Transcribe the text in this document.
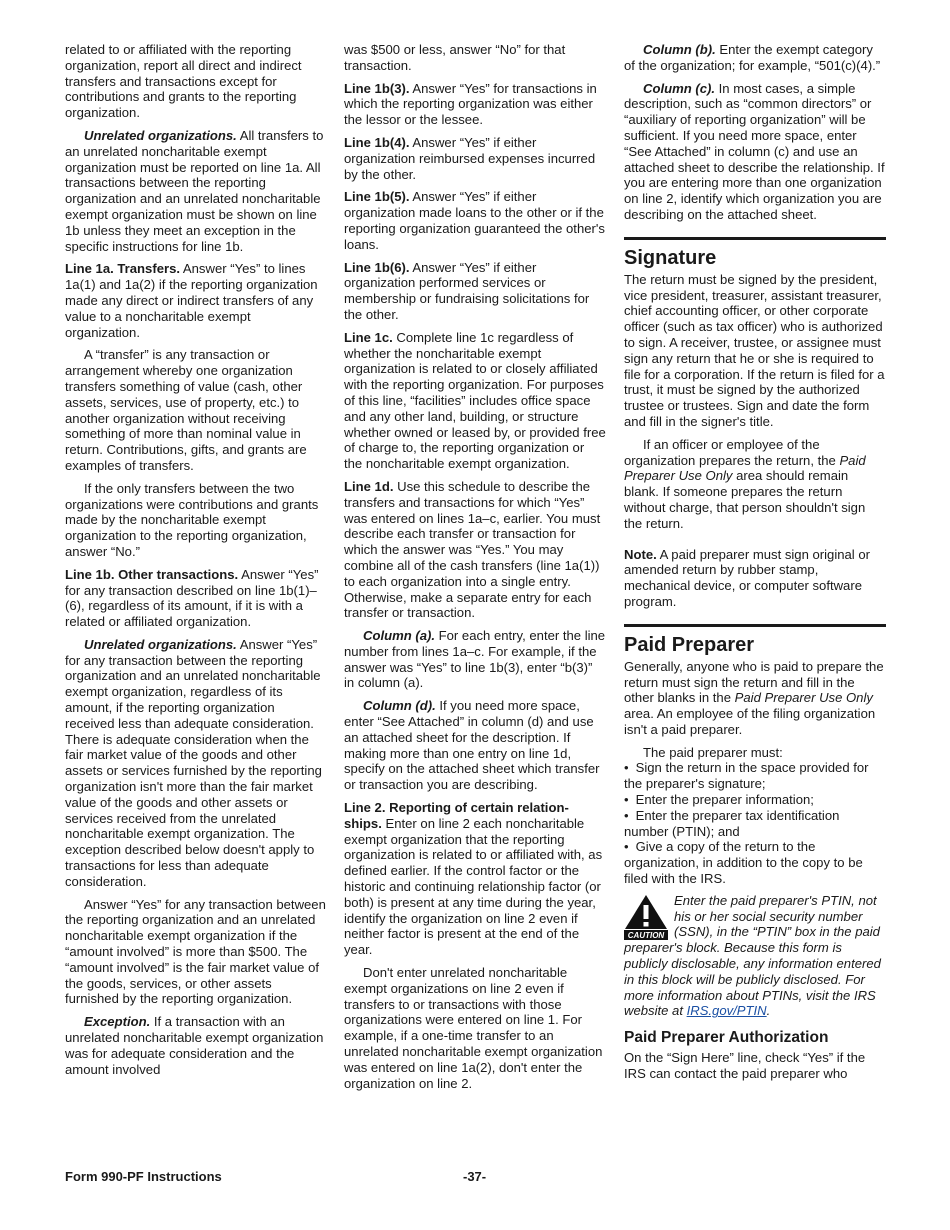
related to or affiliated with the reporting organization, report all direct and indirect transfers and transactions except for contributions and grants to the reporting organization.

Unrelated organizations. All transfers to an unrelated noncharitable exempt organization must be reported on line 1a. All transactions between the reporting organization and an unrelated noncharitable exempt organization must be shown on line 1b unless they meet an exception in the specific instructions for line 1b.

Line 1a. Transfers. Answer “Yes” to lines 1a(1) and 1a(2) if the reporting organization made any direct or indirect transfers of any value to a noncharitable exempt organization.

A “transfer” is any transaction or arrangement whereby one organization transfers something of value (cash, other assets, services, use of property, etc.) to another organization without receiving something of more than nominal value in return. Contributions, gifts, and grants are examples of transfers.

If the only transfers between the two organizations were contributions and grants made by the noncharitable exempt organization to the reporting organization, answer “No.”

Line 1b. Other transactions. Answer “Yes” for any transaction described on line 1b(1)–(6), regardless of its amount, if it is with a related or affiliated organization.

Unrelated organizations. Answer “Yes” for any transaction between the reporting organization and an unrelated noncharitable exempt organization, regardless of its amount, if the reporting organization received less than adequate consideration. There is adequate consideration when the fair market value of the goods and other assets or services furnished by the reporting organization isn't more than the fair market value of the goods and other assets or services received from the unrelated noncharitable exempt organization. The exception described below doesn't apply to transactions for less than adequate consideration.

Answer “Yes” for any transaction between the reporting organization and an unrelated noncharitable exempt organization if the “amount involved” is more than $500. The “amount involved” is the fair market value of the goods, services, or other assets furnished by the reporting organization.

Exception. If a transaction with an unrelated noncharitable exempt organization was for adequate consideration and the amount involved

was $500 or less, answer “No” for that transaction.

Line 1b(3). Answer “Yes” for transactions in which the reporting organization was either the lessor or the lessee.

Line 1b(4). Answer “Yes” if either organization reimbursed expenses incurred by the other.

Line 1b(5). Answer “Yes” if either organization made loans to the other or if the reporting organization guaranteed the other's loans.

Line 1b(6). Answer “Yes” if either organization performed services or membership or fundraising solicitations for the other.

Line 1c. Complete line 1c regardless of whether the noncharitable exempt organization is related to or closely affiliated with the reporting organization. For purposes of this line, “facilities” includes office space and any other land, building, or structure whether owned or leased by, or provided free of charge to, the reporting organization or the noncharitable exempt organization.

Line 1d. Use this schedule to describe the transfers and transactions for which “Yes” was entered on lines 1a–c, earlier. You must describe each transfer or transaction for which the answer was “Yes.” You may combine all of the cash transfers (line 1a(1)) to each organization into a single entry. Otherwise, make a separate entry for each transfer or transaction.

Column (a). For each entry, enter the line number from lines 1a–c. For example, if the answer was “Yes” to line 1b(3), enter “b(3)” in column (a).

Column (d). If you need more space, enter “See Attached” in column (d) and use an attached sheet for the description. If making more than one entry on line 1d, specify on the attached sheet which transfer or transaction you are describing.

Line 2. Reporting of certain relation-ships. Enter on line 2 each noncharitable exempt organization that the reporting organization is related to or affiliated with, as defined earlier. If the control factor or the historic and continuing relationship factor (or both) is present at any time during the year, identify the organization on line 2 even if neither factor is present at the end of the year.

Don't enter unrelated noncharitable exempt organizations on line 2 even if transfers to or transactions with those organizations were entered on line 1. For example, if a one-time transfer to an unrelated noncharitable exempt organization was entered on line 1a(2), don't enter the organization on line 2.

Column (b). Enter the exempt category of the organization; for example, “501(c)(4).”

Column (c). In most cases, a simple description, such as “common directors” or “auxiliary of reporting organization” will be sufficient. If you need more space, enter “See Attached” in column (c) and use an attached sheet to describe the relationship. If you are entering more than one organization on line 2, identify which organization you are describing on the attached sheet.

Signature

The return must be signed by the president, vice president, treasurer, assistant treasurer, chief accounting officer, or other corporate officer (such as tax officer) who is authorized to sign. A receiver, trustee, or assignee must sign any return that he or she is required to file for a corporation. If the return is filed for a trust, it must be signed by the authorized trustee or trustees. Sign and date the form and fill in the signer's title.

If an officer or employee of the organization prepares the return, the Paid Preparer Use Only area should remain blank. If someone prepares the return without charge, that person shouldn't sign the return.

Note. A paid preparer must sign original or amended return by rubber stamp, mechanical device, or computer software program.

Paid Preparer

Generally, anyone who is paid to prepare the return must sign the return and fill in the other blanks in the Paid Preparer Use Only area. An employee of the filing organization isn't a paid preparer.

The paid preparer must:

• Sign the return in the space provided for the preparer's signature;

• Enter the preparer information;

• Enter the preparer tax identification number (PTIN); and

• Give a copy of the return to the organization, in addition to the copy to be filed with the IRS.

CAUTION
Enter the paid preparer's PTIN, not his or her social security number (SSN), in the “PTIN” box in the paid preparer's block. Because this form is publicly disclosable, any information entered in this block will be publicly disclosed. For more information about PTINs, visit the IRS website at IRS.gov/PTIN.
Paid Preparer Authorization

On the “Sign Here” line, check “Yes” if the IRS can contact the paid preparer who

Form 990-PF Instructions	-37-
